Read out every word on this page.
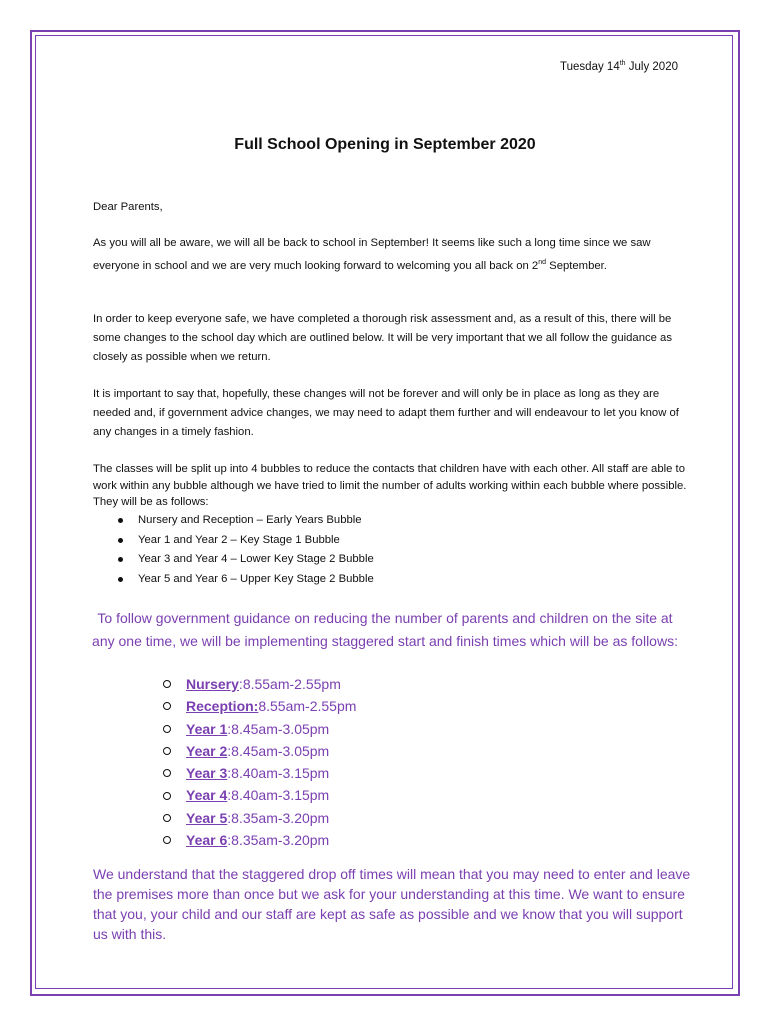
Tuesday 14th July 2020
Full School Opening in September 2020
Dear Parents,
As you will all be aware, we will all be back to school in September! It seems like such a long time since we saw everyone in school and we are very much looking forward to welcoming you all back on 2nd September.
In order to keep everyone safe, we have completed a thorough risk assessment and, as a result of this, there will be some changes to the school day which are outlined below. It will be very important that we all follow the guidance as closely as possible when we return.
It is important to say that, hopefully, these changes will not be forever and will only be in place as long as they are needed and, if government advice changes, we may need to adapt them further and will endeavour to let you know of any changes in a timely fashion.
The classes will be split up into 4 bubbles to reduce the contacts that children have with each other. All staff are able to work within any bubble although we have tried to limit the number of adults working within each bubble where possible. They will be as follows:
Nursery and Reception – Early Years Bubble
Year 1 and Year 2 – Key Stage 1 Bubble
Year 3 and Year 4 – Lower Key Stage 2 Bubble
Year 5 and Year 6 – Upper Key Stage 2 Bubble
To follow government guidance on reducing the number of parents and children on the site at any one time, we will be implementing staggered start and finish times which will be as follows:
Nursery : 8.55am-2.55pm
Reception: 8.55am-2.55pm
Year 1 : 8.45am-3.05pm
Year 2 : 8.45am-3.05pm
Year 3 : 8.40am-3.15pm
Year 4 : 8.40am-3.15pm
Year 5 : 8.35am-3.20pm
Year 6 : 8.35am-3.20pm
We understand that the staggered drop off times will mean that you may need to enter and leave the premises more than once but we ask for your understanding at this time. We want to ensure that you, your child and our staff are kept as safe as possible and we know that you will support us with this.
